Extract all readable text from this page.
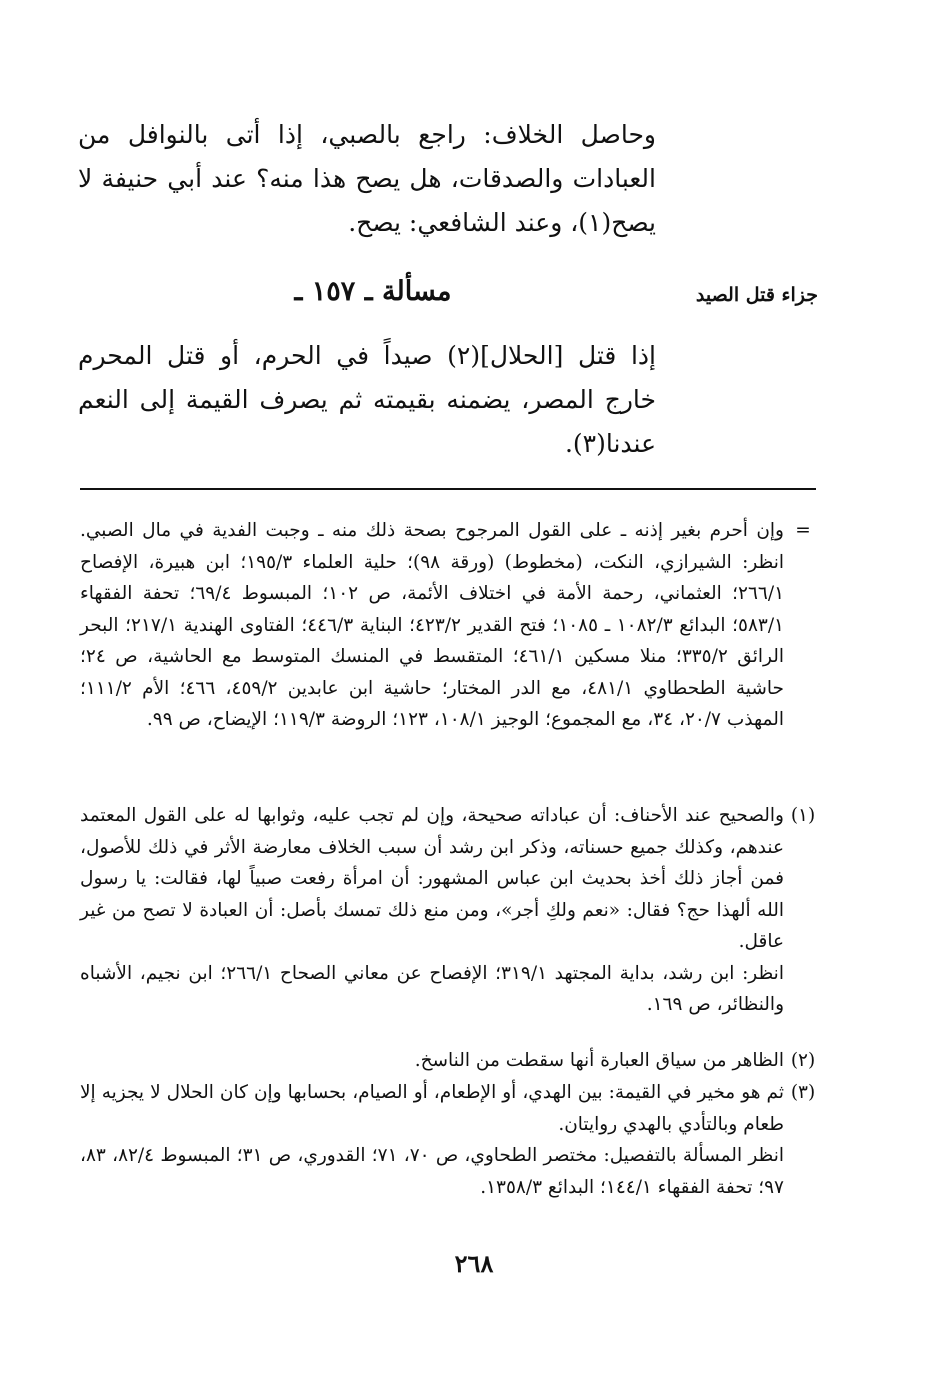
وحاصل الخلاف: راجع بالصبي، إذا أتى بالنوافل من العبادات والصدقات، هل يصح هذا منه؟ عند أبي حنيفة لا يصح(١)، وعند الشافعي: يصح.

جزاء قتل الصيد
مسألة ـ ١٥٧ ـ

إذا قتل [الحلال](٢) صيداً في الحرم، أو قتل المحرم خارج المصر، يضمنه بقيمته ثم يصرف القيمة إلى النعم عندنا(٣).

=

وإن أحرم بغير إذنه ـ على القول المرجوح بصحة ذلك منه ـ وجبت الفدية في مال الصبي. انظر: الشيرازي، النكت، (مخطوط) (ورقة ٩٨)؛ حلية العلماء ١٩٥/٣؛ ابن هبيرة، الإفصاح ٢٦٦/١؛ العثماني، رحمة الأمة في اختلاف الأئمة، ص ١٠٢؛ المبسوط ٦٩/٤؛ تحفة الفقهاء ٥٨٣/١؛ البدائع ١٠٨٢/٣ ـ ١٠٨٥؛ فتح القدير ٤٢٣/٢؛ البناية ٤٤٦/٣؛ الفتاوى الهندية ٢١٧/١؛ البحر الرائق ٣٣٥/٢؛ منلا مسكين ٤٦١/١؛ المتقسط في المنسك المتوسط مع الحاشية، ص ٢٤؛ حاشية الطحطاوي ٤٨١/١، مع الدر المختار؛ حاشية ابن عابدين ٤٥٩/٢، ٤٦٦؛ الأم ١١١/٢؛ المهذب ٢٠/٧، ٣٤، مع المجموع؛ الوجيز ١٠٨/١، ١٢٣؛ الروضة ١١٩/٣؛ الإيضاح، ص ٩٩.

(١)

والصحيح عند الأحناف: أن عباداته صحيحة، وإن لم تجب عليه، وثوابها له على القول المعتمد عندهم، وكذلك جميع حسناته، وذكر ابن رشد أن سبب الخلاف معارضة الأثر في ذلك للأصول، فمن أجاز ذلك أخذ بحديث ابن عباس المشهور: أن امرأة رفعت صبياً لها، فقالت: يا رسول الله ألهذا حج؟ فقال: «نعم ولكِ أجر»، ومن منع ذلك تمسك بأصل: أن العبادة لا تصح من غير عاقل.

انظر: ابن رشد، بداية المجتهد ٣١٩/١؛ الإفصاح عن معاني الصحاح ٢٦٦/١؛ ابن نجيم، الأشباه والنظائر، ص ١٦٩.

(٢)

الظاهر من سياق العبارة أنها سقطت من الناسخ.

(٣)

ثم هو مخير في القيمة: بين الهدي، أو الإطعام، أو الصيام، بحسابها وإن كان الحلال لا يجزيه إلا طعام وبالتأدي بالهدي روايتان.

انظر المسألة بالتفصيل: مختصر الطحاوي، ص ٧٠، ٧١؛ القدوري، ص ٣١؛ المبسوط ٨٢/٤، ٨٣، ٩٧؛ تحفة الفقهاء ١٤٤/١؛ البدائع ١٣٥٨/٣.

٢٦٨
